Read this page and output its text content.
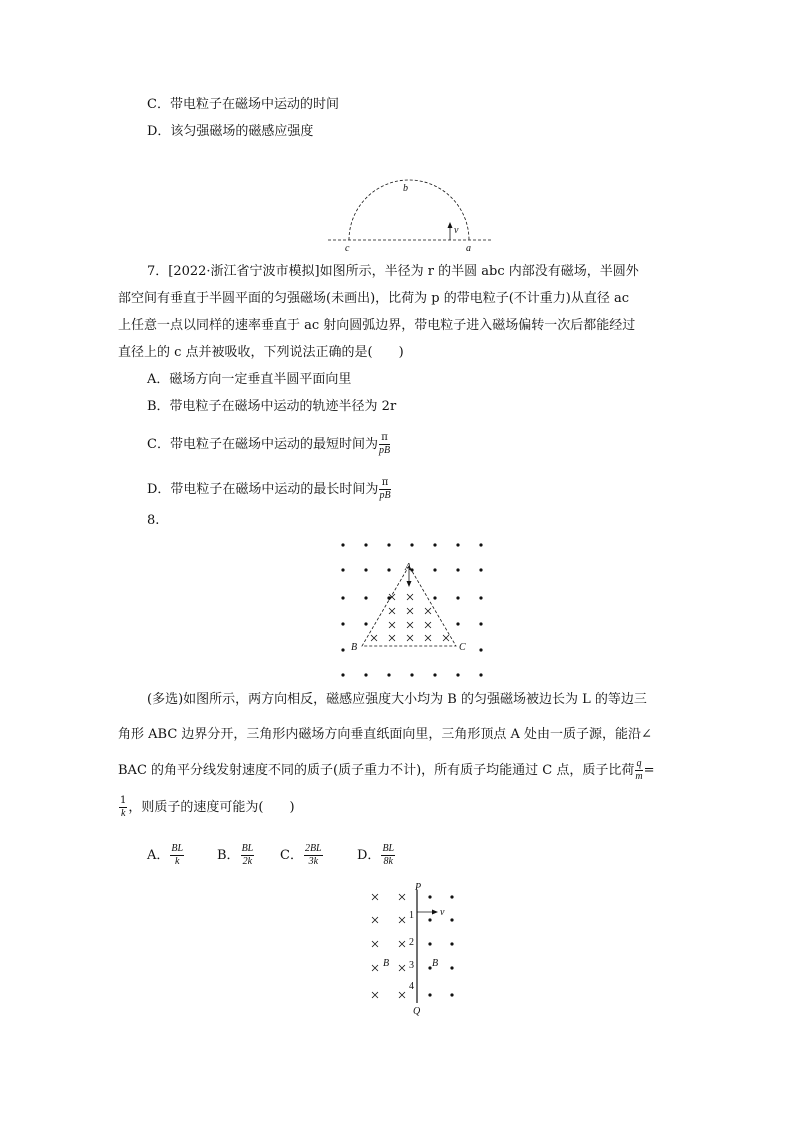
C．带电粒子在磁场中运动的时间
D．该匀强磁场的磁感应强度
b
c	a
v
7．[2022·浙江省宁波市模拟]如图所示，半径为 r 的半圆 abc 内部没有磁场，半圆外
部空间有垂直于半圆平面的匀强磁场(未画出)，比荷为 p 的带电粒子(不计重力)从直径 ac
上任意一点以同样的速率垂直于 ac 射向圆弧边界，带电粒子进入磁场偏转一次后都能经过
直径上的 c 点并被吸收，下列说法正确的是(　　)
A．磁场方向一定垂直半圆平面向里
B．带电粒子在磁场中运动的轨迹半径为 2r
C．带电粒子在磁场中运动的最短时间为 $\frac{\pi}{pB}$
D．带电粒子在磁场中运动的最长时间为 $\frac{\pi}{pB}$
8.
A
B	C
(多选)如图所示，两方向相反，磁感应强度大小均为 B 的匀强磁场被边长为 L 的等边三
角形 ABC 边界分开，三角形内磁场方向垂直纸面向里，三角形顶点 A 处由一质子源，能沿∠
BAC 的角平分线发射速度不同的质子(质子重力不计)，所有质子均能通过 C 点，质子比荷 $\frac{q}{m}$ =
$\frac{1}{k}$ ，则质子的速度可能为(　　)
A． $\frac{BL}{k}$	B． $\frac{BL}{2k}$ C． $\frac{2BL}{3k}$	D． $\frac{BL}{8k}$
P
Q
v
B	B
1
2
3
4
